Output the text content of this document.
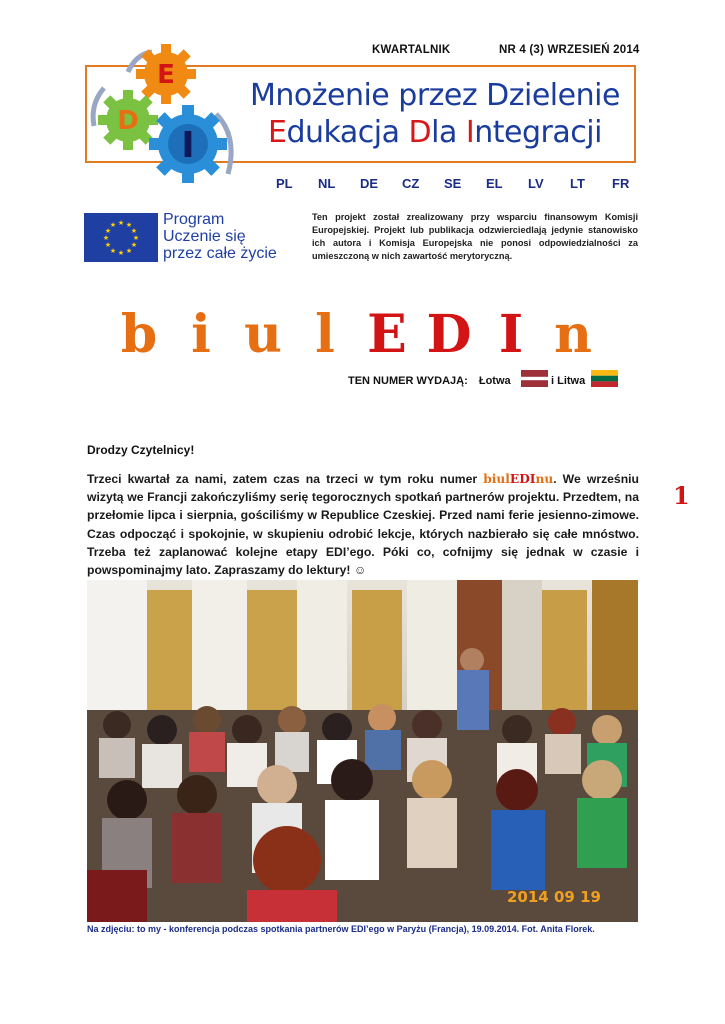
KWARTALNIK	NR 4 (3) WRZESIEŃ 2014
E
D
I
Mnożenie przez Dzielenie
Edukacja Dla Integracji
PL	NL	DE	CZ	SE	EL	LV	LT	FR
★ ★
★
★
★
★
★
★
★
★
★
★	Program
Uczenie się
przez całe życie
Ten projekt został zrealizowany przy wsparciu finansowym Komisji Europejskiej. Projekt lub publikacja odzwierciedlają jedynie stanowisko ich autora i Komisja Europejska nie ponosi odpowiedzialności za umieszczoną w nich zawartość merytoryczną.
b i u l E D I n
TEN NUMER WYDAJĄ: Łotwa	i Litwa
Drodzy Czytelnicy!
Trzeci kwartał za nami, zatem czas na trzeci w tym roku numer biulEDInu. We wrześniu wizytą we Francji zakończyliśmy serię tegorocznych spotkań partnerów projektu. Przedtem, na przełomie lipca i sierpnia, gościliśmy w Republice Czeskiej. Przed nami ferie jesienno-zimowe. Czas odpocząć i spokojnie, w skupieniu odrobić lekcje, których nazbierało się całe mnóstwo. Trzeba też zaplanować kolejne etapy EDI’ego. Póki co, cofnijmy się jednak w czasie i powspominajmy lato. Zapraszamy do lektury! ☺
1
2014 09 19
Na zdjęciu: to my - konferencja podczas spotkania partnerów EDI’ego w Paryżu (Francja), 19.09.2014. Fot. Anita Florek.
